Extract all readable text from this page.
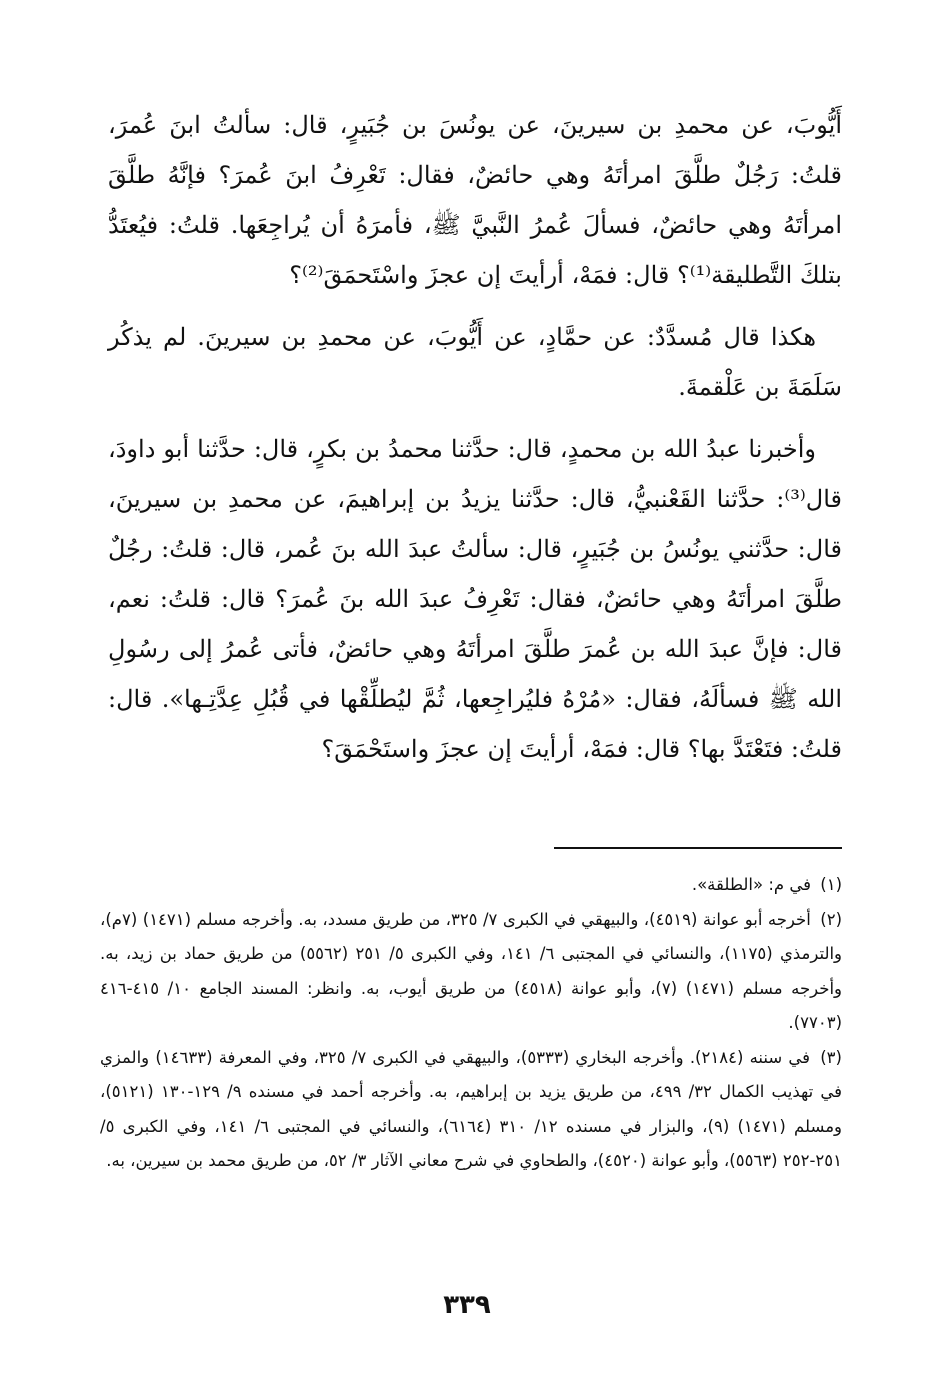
أَيُّوبَ، عن محمدِ بن سيرينَ، عن يونُسَ بن جُبَيرٍ، قال: سألتُ ابنَ عُمرَ، قلتُ: رَجُلٌ طلَّقَ امرأتَهُ وهي حائضٌ، فقال: تَعْرِفُ ابنَ عُمرَ؟ فإنَّهُ طلَّقَ امرأتَهُ وهي حائضٌ، فسألَ عُمرُ النَّبيَّ ﷺ، فأمرَهُ أن يُراجِعَها. قلتُ: فيُعتَدُّ بتلكَ التَّطليقة⁽¹⁾؟ قال: فمَهْ، أرأيتَ إن عجزَ واسْتَحمَقَ⁽²⁾؟

هكذا قال مُسدَّدٌ: عن حمَّادٍ، عن أَيُّوبَ، عن محمدِ بن سيرينَ. لم يذكُر سَلَمَةَ بن عَلْقمةَ.

وأخبرنا عبدُ الله بن محمدٍ، قال: حدَّثنا محمدُ بن بكرٍ، قال: حدَّثنا أبو داودَ، قال⁽³⁾: حدَّثنا القَعْنبيُّ، قال: حدَّثنا يزيدُ بن إبراهيمَ، عن محمدِ بن سيرينَ، قال: حدَّثني يونُسُ بن جُبَيرٍ، قال: سألتُ عبدَ الله بنَ عُمر، قال: قلتُ: رجُلٌ طلَّقَ امرأتَهُ وهي حائضٌ، فقال: تَعْرِفُ عبدَ الله بنَ عُمرَ؟ قال: قلتُ: نعم، قال: فإنَّ عبدَ الله بن عُمرَ طلَّقَ امرأتَهُ وهي حائضٌ، فأتى عُمرُ إلى رسُولِ الله ﷺ فسألَهُ، فقال: «مُرْهُ فليُراجِعها، ثُمَّ ليُطلِّقْها في قُبُلِ عِدَّتِـها». قال: قلتُ: فتَعْتَدَّ بها؟ قال: فمَهْ، أرأيتَ إن عجزَ واستَحْمَقَ؟

(١) في م: «الطلقة».

(٢) أخرجه أبو عوانة (٤٥١٩)، والبيهقي في الكبرى ٧/ ٣٢٥، من طريق مسدد، به. وأخرجه مسلم (١٤٧١) (٧م)، والترمذي (١١٧٥)، والنسائي في المجتبى ٦/ ١٤١، وفي الكبرى ٥/ ٢٥١ (٥٥٦٢) من طريق حماد بن زيد، به. وأخرجه مسلم (١٤٧١) (٧)، وأبو عوانة (٤٥١٨) من طريق أيوب، به. وانظر: المسند الجامع ١٠/ ٤١٥-٤١٦ (٧٧٠٣).

(٣) في سننه (٢١٨٤). وأخرجه البخاري (٥٣٣٣)، والبيهقي في الكبرى ٧/ ٣٢٥، وفي المعرفة (١٤٦٣٣) والمزي في تهذيب الكمال ٣٢/ ٤٩٩، من طريق يزيد بن إبراهيم، به. وأخرجه أحمد في مسنده ٩/ ١٢٩-١٣٠ (٥١٢١)، ومسلم (١٤٧١) (٩)، والبزار في مسنده ١٢/ ٣١٠ (٦١٦٤)، والنسائي في المجتبى ٦/ ١٤١، وفي الكبرى ٥/ ٢٥١-٢٥٢ (٥٥٦٣)، وأبو عوانة (٤٥٢٠)، والطحاوي في شرح معاني الآثار ٣/ ٥٢، من طريق محمد بن سيرين، به.

٣٣٩
